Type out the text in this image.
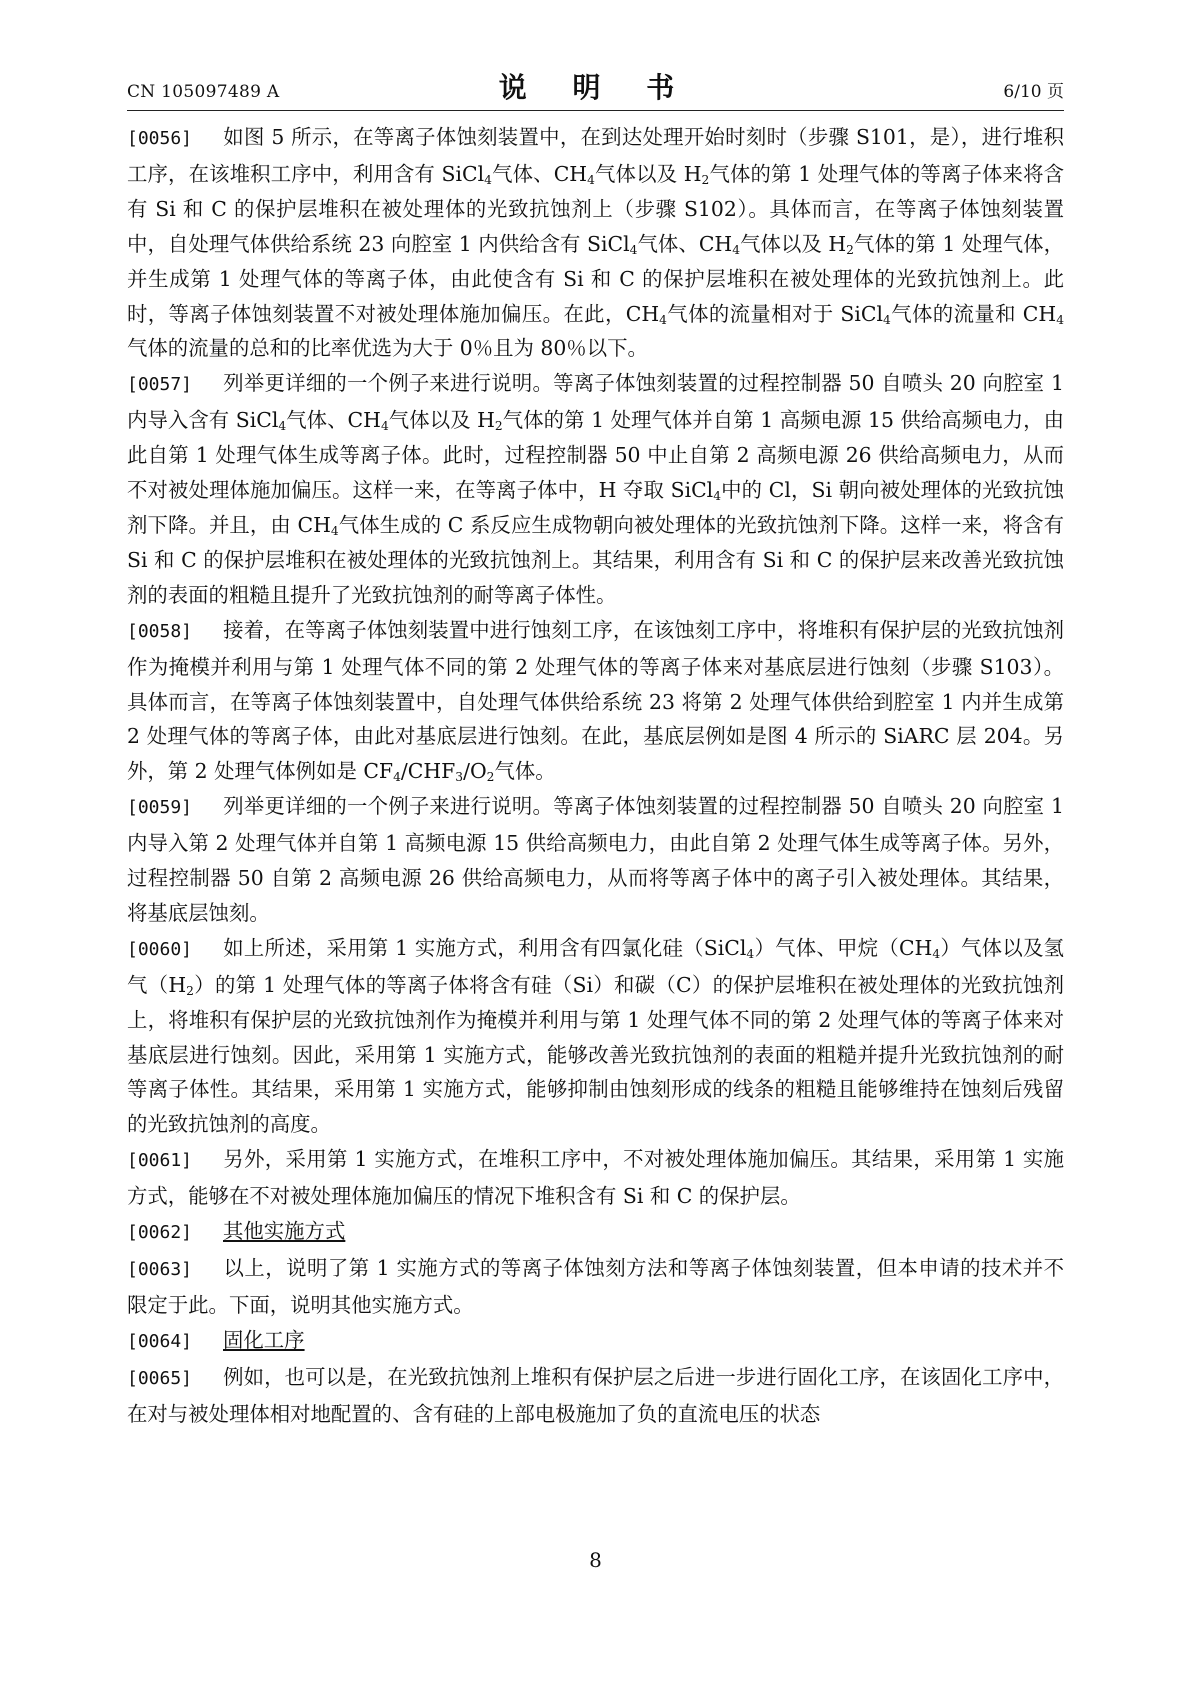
CN 105097489 A	说 明 书	6/10 页

[0056] 如图 5 所示，在等离子体蚀刻装置中，在到达处理开始时刻时（步骤 S101，是），进行堆积工序，在该堆积工序中，利用含有 SiCl$_4$气体、$CH_4$气体以及 $H_2$气体的第 1 处理气体的等离子体来将含有 Si 和 C 的保护层堆积在被处理体的光致抗蚀剂上（步骤 S102）。具体而言，在等离子体蚀刻装置中，自处理气体供给系统 23 向腔室 1 内供给含有 SiCl$_4$气体、$CH_4$气体以及 $H_2$气体的第 1 处理气体，并生成第 1 处理气体的等离子体，由此使含有 Si 和 C 的保护层堆积在被处理体的光致抗蚀剂上。此时，等离子体蚀刻装置不对被处理体施加偏压。在此，$CH_4$气体的流量相对于 SiCl$_4$气体的流量和 $CH_4$气体的流量的总和的比率优选为大于 0％且为 80％以下。

[0057] 列举更详细的一个例子来进行说明。等离子体蚀刻装置的过程控制器 50 自喷头 20 向腔室 1 内导入含有 SiCl$_4$气体、$CH_4$气体以及 $H_2$气体的第 1 处理气体并自第 1 高频电源 15 供给高频电力，由此自第 1 处理气体生成等离子体。此时，过程控制器 50 中止自第 2 高频电源 26 供给高频电力，从而不对被处理体施加偏压。这样一来，在等离子体中，H 夺取 SiCl$_4$中的 Cl，Si 朝向被处理体的光致抗蚀剂下降。并且，由 $CH_4$气体生成的 C 系反应生成物朝向被处理体的光致抗蚀剂下降。这样一来，将含有 Si 和 C 的保护层堆积在被处理体的光致抗蚀剂上。其结果，利用含有 Si 和 C 的保护层来改善光致抗蚀剂的表面的粗糙且提升了光致抗蚀剂的耐等离子体性。

[0058] 接着，在等离子体蚀刻装置中进行蚀刻工序，在该蚀刻工序中，将堆积有保护层的光致抗蚀剂作为掩模并利用与第 1 处理气体不同的第 2 处理气体的等离子体来对基底层进行蚀刻（步骤 S103）。具体而言，在等离子体蚀刻装置中，自处理气体供给系统 23 将第 2 处理气体供给到腔室 1 内并生成第 2 处理气体的等离子体，由此对基底层进行蚀刻。在此，基底层例如是图 4 所示的 SiARC 层 204。另外，第 2 处理气体例如是 $CF_4/CHF_3/O_2$气体。

[0059] 列举更详细的一个例子来进行说明。等离子体蚀刻装置的过程控制器 50 自喷头 20 向腔室 1 内导入第 2 处理气体并自第 1 高频电源 15 供给高频电力，由此自第 2 处理气体生成等离子体。另外，过程控制器 50 自第 2 高频电源 26 供给高频电力，从而将等离子体中的离子引入被处理体。其结果，将基底层蚀刻。

[0060] 如上所述，采用第 1 实施方式，利用含有四氯化硅（SiCl$_4$）气体、甲烷$(CH_4)$气体以及氢气$(H_2)$的第 1 处理气体的等离子体将含有硅（Si）和碳（C）的保护层堆积在被处理体的光致抗蚀剂上，将堆积有保护层的光致抗蚀剂作为掩模并利用与第 1 处理气体不同的第 2 处理气体的等离子体来对基底层进行蚀刻。因此，采用第 1 实施方式，能够改善光致抗蚀剂的表面的粗糙并提升光致抗蚀剂的耐等离子体性。其结果，采用第 1 实施方式，能够抑制由蚀刻形成的线条的粗糙且能够维持在蚀刻后残留的光致抗蚀剂的高度。

[0061] 另外，采用第 1 实施方式，在堆积工序中，不对被处理体施加偏压。其结果，采用第 1 实施方式，能够在不对被处理体施加偏压的情况下堆积含有 Si 和 C 的保护层。

[0062] 其他实施方式

[0063] 以上，说明了第 1 实施方式的等离子体蚀刻方法和等离子体蚀刻装置，但本申请的技术并不限定于此。下面，说明其他实施方式。

[0064] 固化工序

[0065] 例如，也可以是，在光致抗蚀剂上堆积有保护层之后进一步进行固化工序，在该固化工序中，在对与被处理体相对地配置的、含有硅的上部电极施加了负的直流电压的状态

8
